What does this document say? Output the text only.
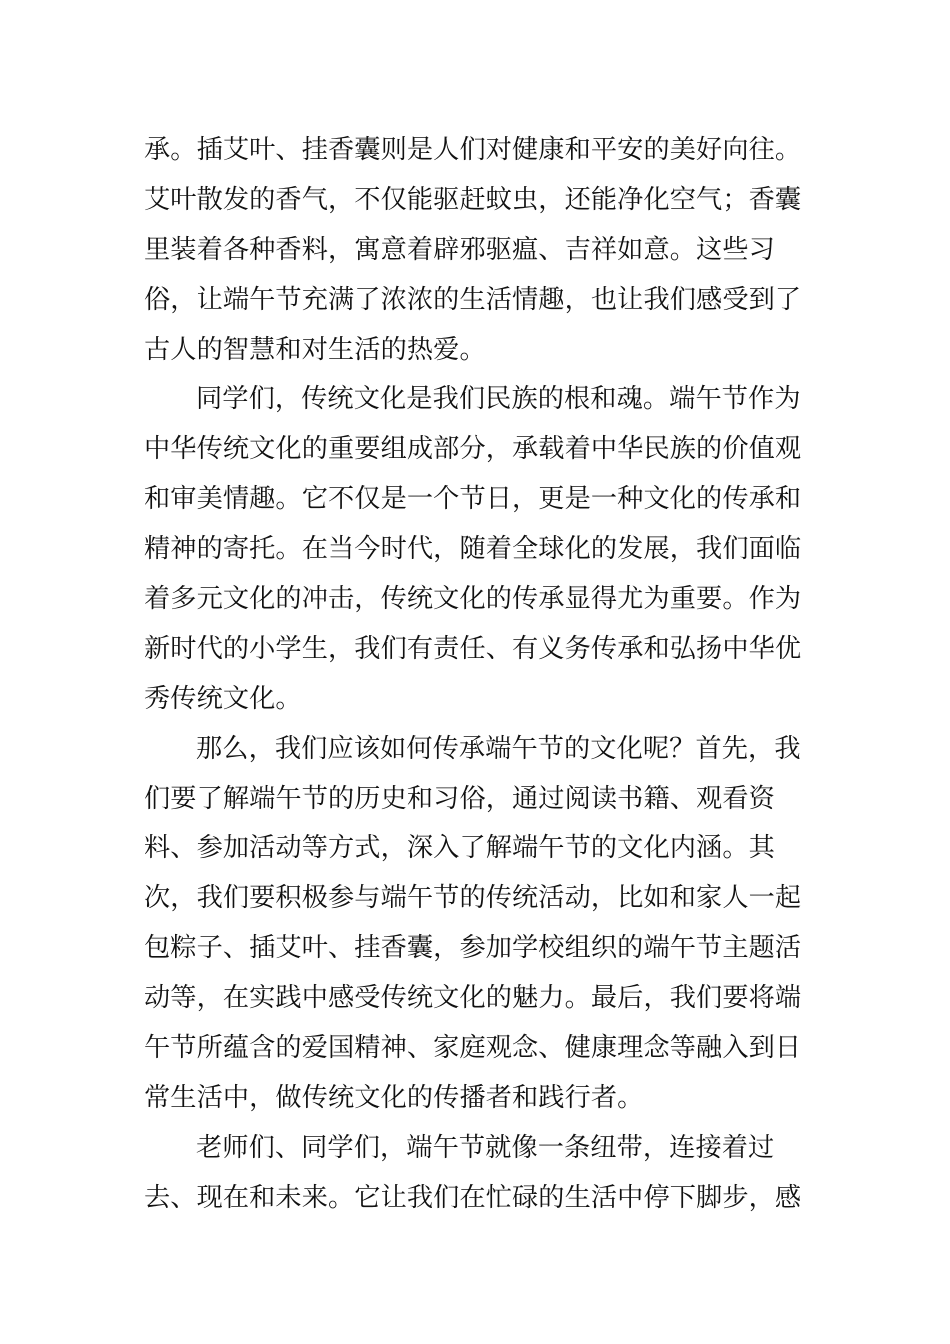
承。插艾叶、挂香囊则是人们对健康和平安的美好向往。
艾叶散发的香气，不仅能驱赶蚊虫，还能净化空气；香囊
里装着各种香料，寓意着辟邪驱瘟、吉祥如意。这些习
俗，让端午节充满了浓浓的生活情趣，也让我们感受到了
古人的智慧和对生活的热爱。
同学们，传统文化是我们民族的根和魂。端午节作为
中华传统文化的重要组成部分，承载着中华民族的价值观
和审美情趣。它不仅是一个节日，更是一种文化的传承和
精神的寄托。在当今时代，随着全球化的发展，我们面临
着多元文化的冲击，传统文化的传承显得尤为重要。作为
新时代的小学生，我们有责任、有义务传承和弘扬中华优
秀传统文化。
那么，我们应该如何传承端午节的文化呢？首先，我
们要了解端午节的历史和习俗，通过阅读书籍、观看资
料、参加活动等方式，深入了解端午节的文化内涵。其
次，我们要积极参与端午节的传统活动，比如和家人一起
包粽子、插艾叶、挂香囊，参加学校组织的端午节主题活
动等，在实践中感受传统文化的魅力。最后，我们要将端
午节所蕴含的爱国精神、家庭观念、健康理念等融入到日
常生活中，做传统文化的传播者和践行者。
老师们、同学们，端午节就像一条纽带，连接着过
去、现在和未来。它让我们在忙碌的生活中停下脚步，感
